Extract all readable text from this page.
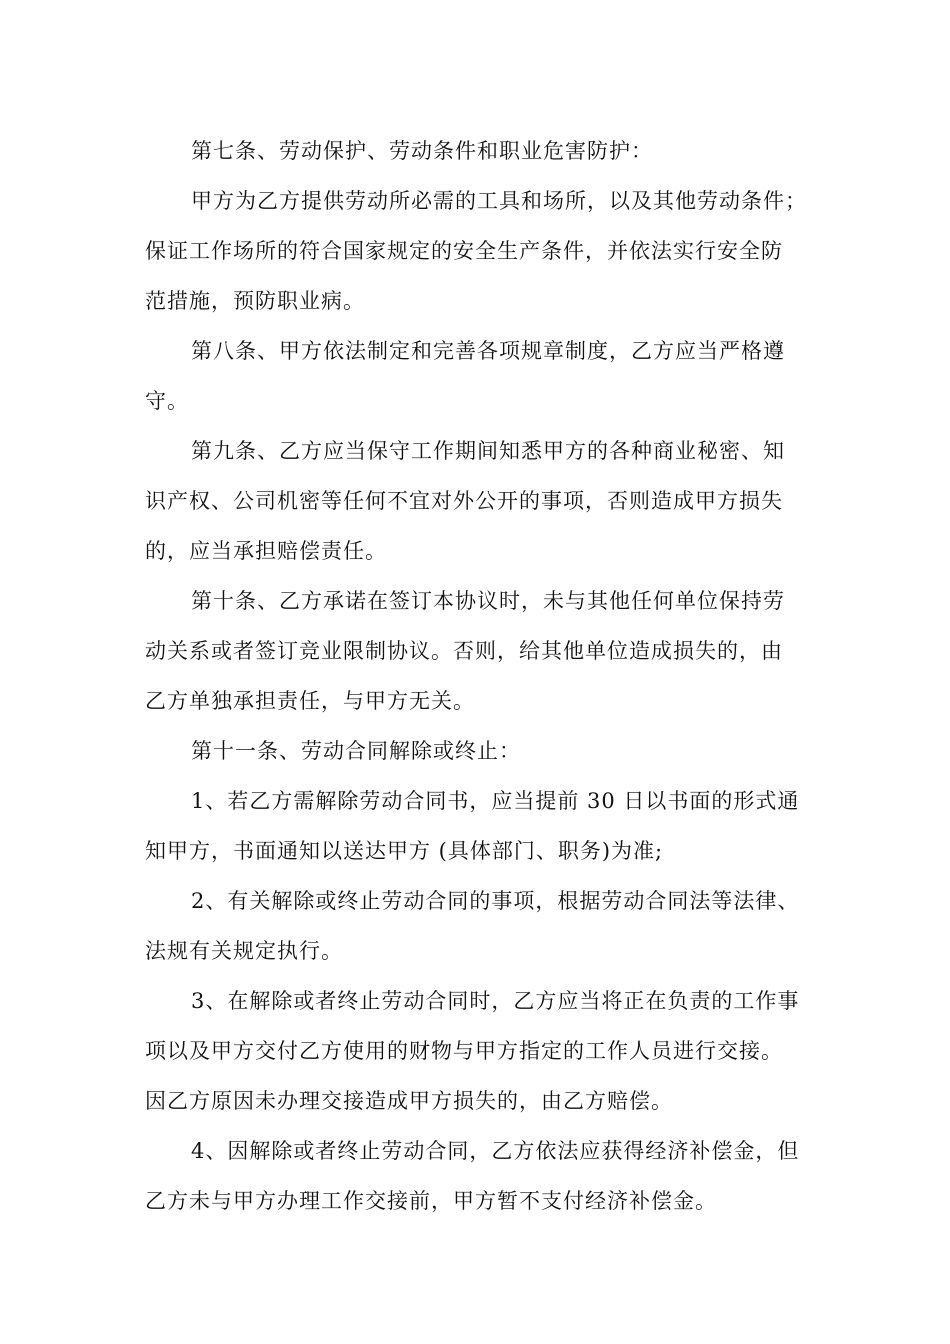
第七条、劳动保护、劳动条件和职业危害防护：
甲方为乙方提供劳动所必需的工具和场所，以及其他劳动条件；
保证工作场所的符合国家规定的安全生产条件，并依法实行安全防
范措施，预防职业病。
第八条、甲方依法制定和完善各项规章制度，乙方应当严格遵
守。
第九条、乙方应当保守工作期间知悉甲方的各种商业秘密、知
识产权、公司机密等任何不宜对外公开的事项，否则造成甲方损失
的，应当承担赔偿责任。
第十条、乙方承诺在签订本协议时，未与其他任何单位保持劳
动关系或者签订竞业限制协议。否则，给其他单位造成损失的，由
乙方单独承担责任，与甲方无关。
第十一条、劳动合同解除或终止：
1、若乙方需解除劳动合同书，应当提前 30 日以书面的形式通
知甲方，书面通知以送达甲方 (具体部门、职务)为准;
2、有关解除或终止劳动合同的事项，根据劳动合同法等法律、
法规有关规定执行。
3、在解除或者终止劳动合同时，乙方应当将正在负责的工作事
项以及甲方交付乙方使用的财物与甲方指定的工作人员进行交接。
因乙方原因未办理交接造成甲方损失的，由乙方赔偿。
4、因解除或者终止劳动合同，乙方依法应获得经济补偿金，但
乙方未与甲方办理工作交接前，甲方暂不支付经济补偿金。
